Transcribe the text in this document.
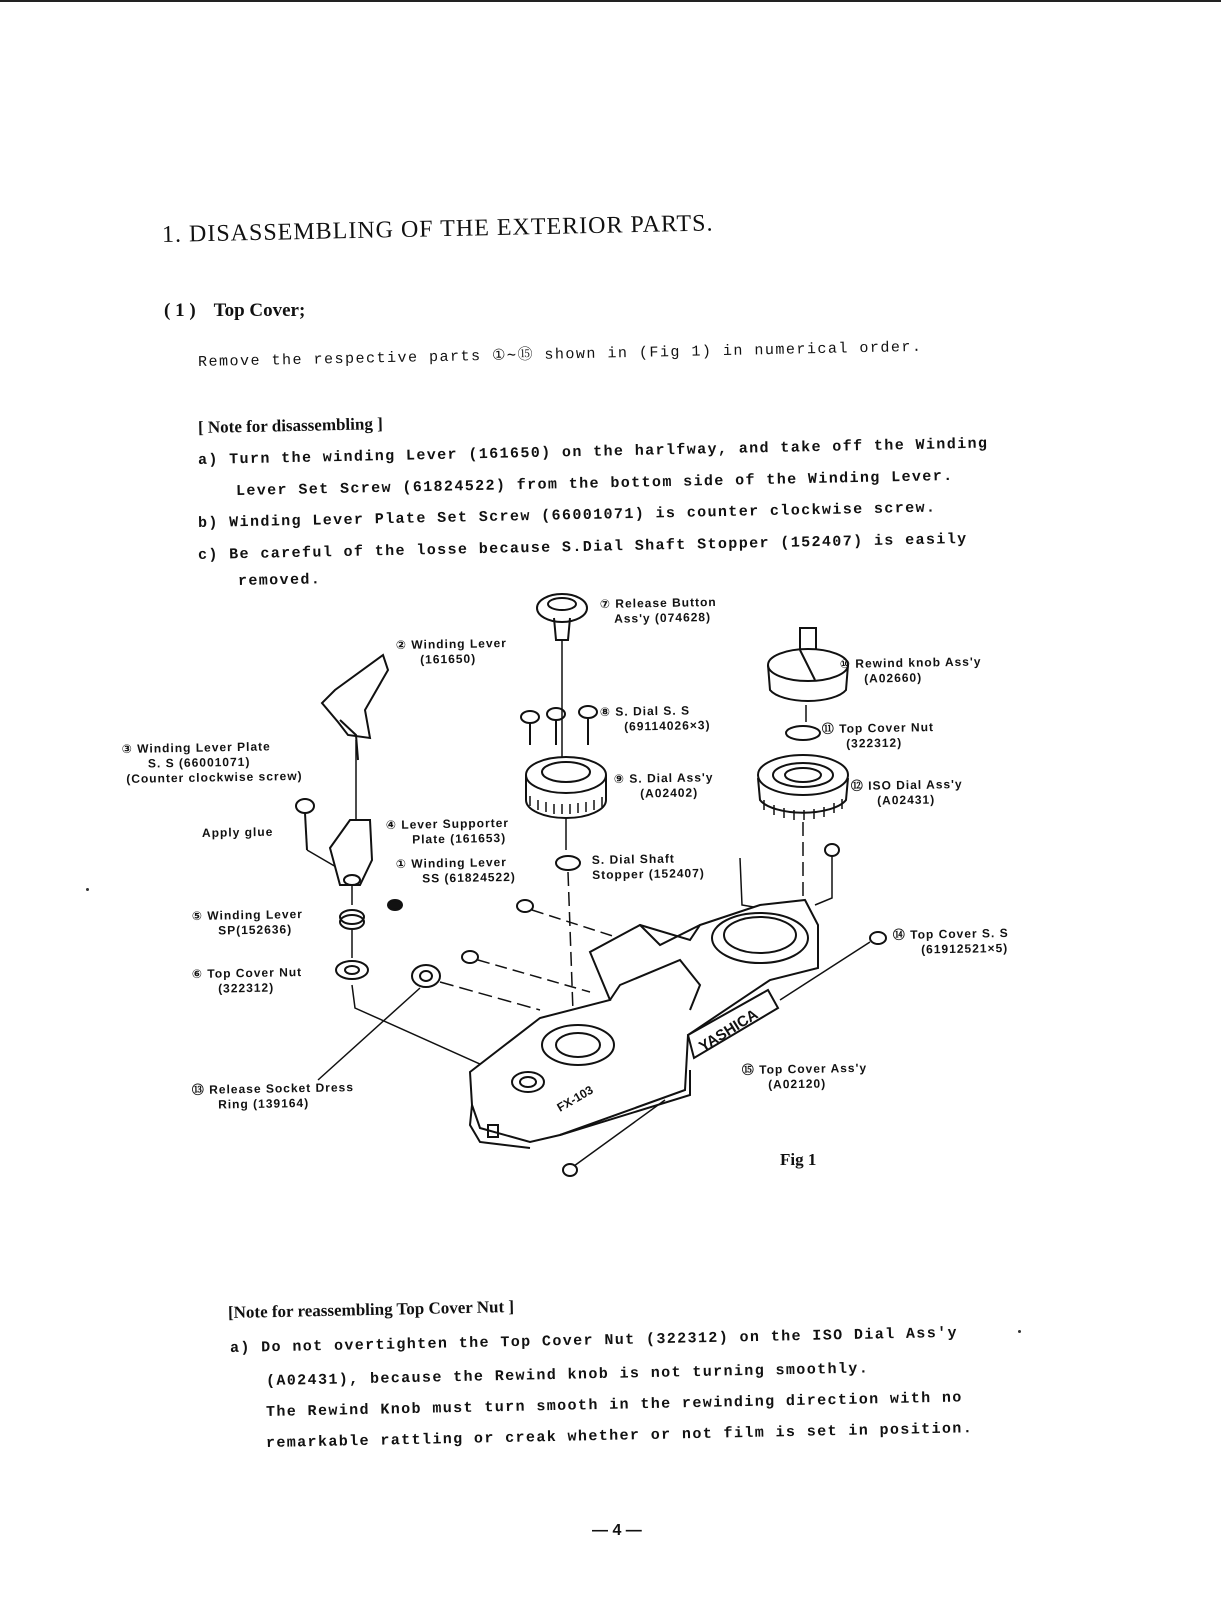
1. DISASSEMBLING OF THE EXTERIOR PARTS.
( 1 ) Top Cover;
Remove the respective parts ①∼⑮ shown in (Fig 1) in numerical order.
[ Note for disassembling ]
a) Turn the winding Lever (161650) on the harlfway, and take off the Winding
Lever Set Screw (61824522) from the bottom side of the Winding Lever.
b) Winding Lever Plate Set Screw (66001071) is counter clockwise screw.
c) Be careful of the losse because S.Dial Shaft Stopper (152407) is easily
removed.
YASHICA
FX-103
⑦ Release Button
Ass'y (074628)
② Winding Lever
(161650)	⑩ Rewind knob Ass'y
(A02660)
⑧ S. Dial S. S
(69114026×3)	⑪ Top Cover Nut
(322312)
③ Winding Lever Plate
S. S (66001071)
(Counter clockwise screw)	⑨ S. Dial Ass'y
(A02402)
⑫ ISO Dial Ass'y
(A02431)
Apply glue
④ Lever Supporter
Plate (161653)
① Winding Lever
SS (61824522)
S. Dial Shaft
Stopper (152407)
⑤ Winding Lever
SP(152636)	⑭ Top Cover S. S
(61912521×5)
⑥ Top Cover Nut
(322312)
⑮ Top Cover Ass'y
(A02120)
⑬ Release Socket Dress
Ring (139164)
Fig 1
[Note for reassembling Top Cover Nut ]
a) Do not overtighten the Top Cover Nut (322312) on the ISO Dial Ass'y
(A02431), because the Rewind knob is not turning smoothly.
The Rewind Knob must turn smooth in the rewinding direction with no
remarkable rattling or creak whether or not film is set in position.
— 4 —
